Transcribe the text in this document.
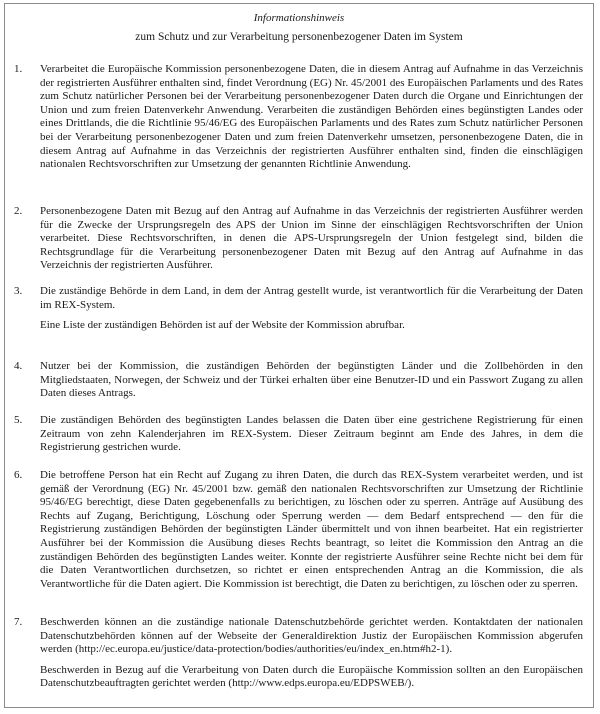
Informationshinweis
zum Schutz und zur Verarbeitung personenbezogener Daten im System
1. Verarbeitet die Europäische Kommission personenbezogene Daten, die in diesem Antrag auf Aufnahme in das Verzeichnis der registrierten Ausführer enthalten sind, findet Verordnung (EG) Nr. 45/2001 des Europäischen Parlaments und des Rates zum Schutz natürlicher Personen bei der Verarbeitung personenbezogener Daten durch die Organe und Einrichtungen der Union und zum freien Datenverkehr Anwendung. Verarbeiten die zuständigen Behörden eines begünstigten Landes oder eines Drittlands, die die Richtlinie 95/46/EG des Europäischen Parlaments und des Rates zum Schutz natürlicher Personen bei der Verarbeitung personenbezogener Daten und zum freien Datenverkehr umsetzen, personenbezogene Daten, die in diesem Antrag auf Aufnahme in das Verzeichnis der registrierten Ausführer enthalten sind, finden die einschlägigen nationalen Rechtsvorschriften zur Umsetzung der genannten Richtlinie Anwendung.
2. Personenbezogene Daten mit Bezug auf den Antrag auf Aufnahme in das Verzeichnis der registrierten Ausführer werden für die Zwecke der Ursprungsregeln des APS der Union im Sinne der einschlägigen Rechtsvorschriften der Union verarbeitet. Diese Rechtsvorschriften, in denen die APS-Ursprungsregeln der Union festgelegt sind, bilden die Rechtsgrundlage für die Verarbeitung personenbezogener Daten mit Bezug auf den Antrag auf Aufnahme in das Verzeichnis der registrierten Ausführer.
3. Die zuständige Behörde in dem Land, in dem der Antrag gestellt wurde, ist verantwortlich für die Verarbeitung der Daten im REX-System.
Eine Liste der zuständigen Behörden ist auf der Website der Kommission abrufbar.
4. Nutzer bei der Kommission, die zuständigen Behörden der begünstigten Länder und die Zollbehörden in den Mitgliedstaaten, Norwegen, der Schweiz und der Türkei erhalten über eine Benutzer-ID und ein Passwort Zugang zu allen Daten dieses Antrags.
5. Die zuständigen Behörden des begünstigten Landes belassen die Daten über eine gestrichene Registrierung für einen Zeitraum von zehn Kalenderjahren im REX-System. Dieser Zeitraum beginnt am Ende des Jahres, in dem die Registrierung gestrichen wurde.
6. Die betroffene Person hat ein Recht auf Zugang zu ihren Daten, die durch das REX-System verarbeitet werden, und ist gemäß der Verordnung (EG) Nr. 45/2001 bzw. gemäß den nationalen Rechtsvorschriften zur Umsetzung der Richtlinie 95/46/EG berechtigt, diese Daten gegebenenfalls zu berichtigen, zu löschen oder zu sperren. Anträge auf Ausübung des Rechts auf Zugang, Berichtigung, Löschung oder Sperrung werden — dem Bedarf entsprechend — den für die Registrierung zuständigen Behörden der begünstigten Länder übermittelt und von ihnen bearbeitet. Hat ein registrierter Ausführer bei der Kommission die Ausübung dieses Rechts beantragt, so leitet die Kommission den Antrag an die zuständigen Behörden des begünstigten Landes weiter. Konnte der registrierte Ausführer seine Rechte nicht bei dem für die Daten Verantwortlichen durchsetzen, so richtet er einen entsprechenden Antrag an die Kommission, die als Verantwortliche für die Daten agiert. Die Kommission ist berechtigt, die Daten zu berichtigen, zu löschen oder zu sperren.
7. Beschwerden können an die zuständige nationale Datenschutzbehörde gerichtet werden. Kontaktdaten der nationalen Datenschutzbehörden können auf der Webseite der Generaldirektion Justiz der Europäischen Kommission abgerufen werden (http://ec.europa.eu/justice/data-protection/bodies/authorities/eu/index_en.htm#h2-1).
Beschwerden in Bezug auf die Verarbeitung von Daten durch die Europäische Kommission sollten an den Europäischen Datenschutzbeauftragten gerichtet werden (http://www.edps.europa.eu/EDPSWEB/).
